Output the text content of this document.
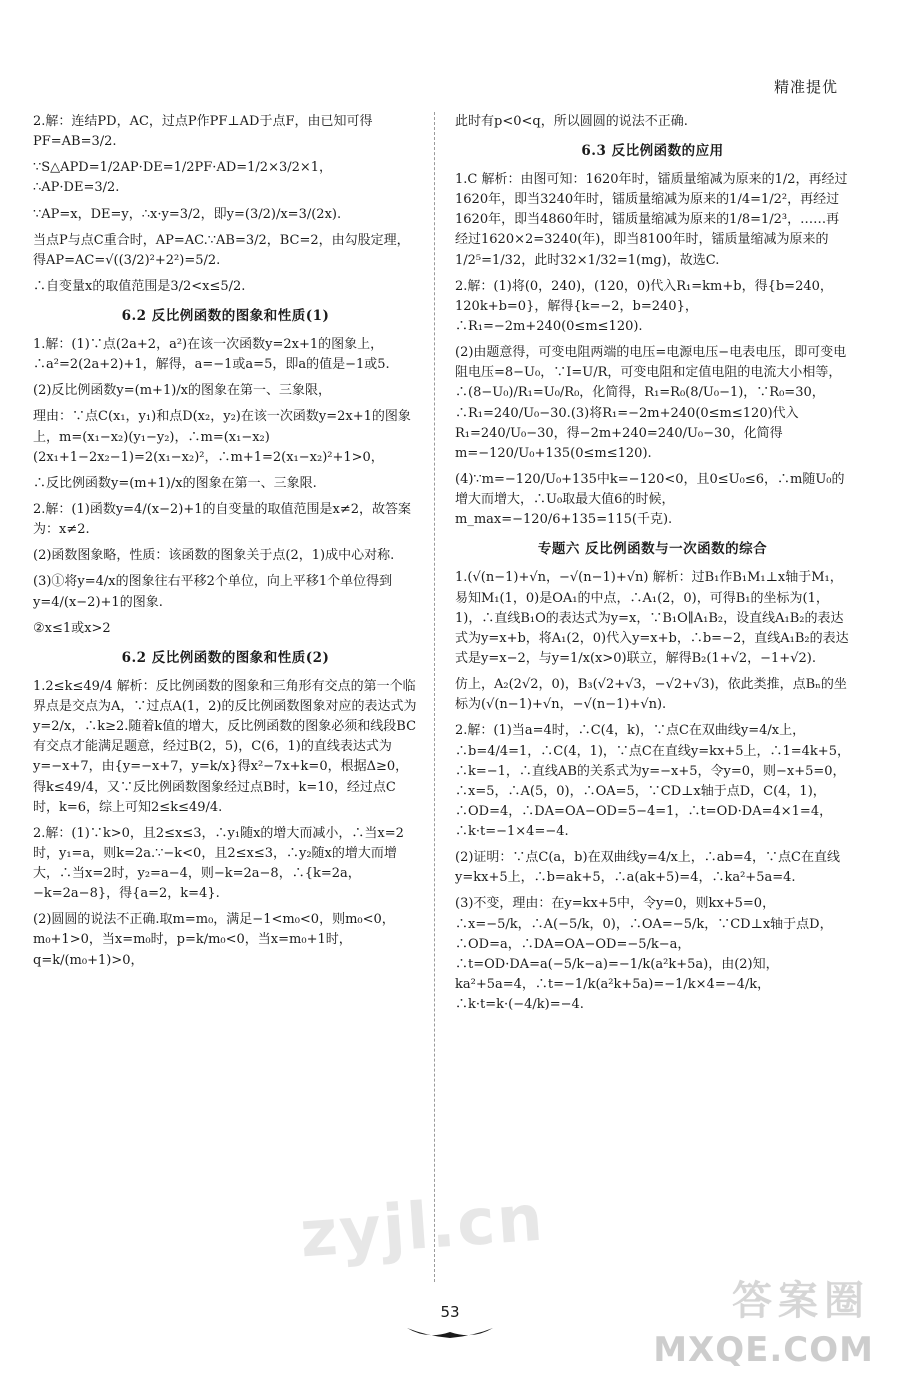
精准提优
2.解：连结PD，AC，过点P作PF⊥AD于点F，由已知可得PF=AB=3/2.
∵S△APD=1/2AP·DE=1/2PF·AD=1/2×3/2×1，∴AP·DE=3/2.
∵AP=x，DE=y，∴x·y=3/2，即y=(3/2)/x=3/(2x).
当点P与点C重合时，AP=AC.∵AB=3/2，BC=2，由勾股定理，得AP=AC=√((3/2)²+2²)=5/2.
∴自变量x的取值范围是3/2<x≤5/2.
6.2 反比例函数的图象和性质(1)
1.解：(1)∵点(2a+2，a²)在该一次函数y=2x+1的图象上，∴a²=2(2a+2)+1，解得，a=−1或a=5，即a的值是−1或5.
(2)反比例函数y=(m+1)/x的图象在第一、三象限，
理由：∵点C(x₁，y₁)和点D(x₂，y₂)在该一次函数y=2x+1的图象上，m=(x₁−x₂)(y₁−y₂)，∴m=(x₁−x₂)(2x₁+1−2x₂−1)=2(x₁−x₂)²，∴m+1=2(x₁−x₂)²+1>0，
∴反比例函数y=(m+1)/x的图象在第一、三象限.
2.解：(1)函数y=4/(x−2)+1的自变量的取值范围是x≠2，故答案为：x≠2.
(2)函数图象略，性质：该函数的图象关于点(2，1)成中心对称.
(3)①将y=4/x的图象往右平移2个单位，向上平移1个单位得到y=4/(x−2)+1的图象.
②x≤1或x>2
6.2 反比例函数的图象和性质(2)
1.2≤k≤49/4 解析：反比例函数的图象和三角形有交点的第一个临界点是交点为A，∵过点A(1，2)的反比例函数图象对应的表达式为y=2/x，∴k≥2.随着k值的增大，反比例函数的图象必须和线段BC有交点才能满足题意，经过B(2，5)，C(6，1)的直线表达式为y=−x+7，由{y=−x+7，y=k/x}得x²−7x+k=0，根据Δ≥0，得k≤49/4，又∵反比例函数图象经过点B时，k=10，经过点C时，k=6，综上可知2≤k≤49/4.
2.解：(1)∵k>0，且2≤x≤3，∴y₁随x的增大而减小，∴当x=2时，y₁=a，则k=2a.∵−k<0，且2≤x≤3，∴y₂随x的增大而增大，∴当x=2时，y₂=a−4，则−k=2a−8，∴{k=2a，−k=2a−8}，得{a=2，k=4}.
(2)圆圆的说法不正确.取m=m₀，满足−1<m₀<0，则m₀<0，m₀+1>0，当x=m₀时，p=k/m₀<0，当x=m₀+1时，q=k/(m₀+1)>0，
此时有p<0<q，所以圆圆的说法不正确.
6.3 反比例函数的应用
1.C 解析：由图可知：1620年时，镭质量缩减为原来的1/2，再经过1620年，即当3240年时，镭质量缩减为原来的1/4=1/2²，再经过1620年，即当4860年时，镭质量缩减为原来的1/8=1/2³，……再经过1620×2=3240(年)，即当8100年时，镭质量缩减为原来的1/2⁵=1/32，此时32×1/32=1(mg)，故选C.
2.解：(1)将(0，240)，(120，0)代入R₁=km+b，得{b=240，120k+b=0}，解得{k=−2，b=240}，∴R₁=−2m+240(0≤m≤120).
(2)由题意得，可变电阻两端的电压=电源电压−电表电压，即可变电阻电压=8−U₀，∵I=U/R，可变电阻和定值电阻的电流大小相等，∴(8−U₀)/R₁=U₀/R₀，化简得，R₁=R₀(8/U₀−1)，∵R₀=30，∴R₁=240/U₀−30.(3)将R₁=−2m+240(0≤m≤120)代入R₁=240/U₀−30，得−2m+240=240/U₀−30，化简得m=−120/U₀+135(0≤m≤120).
(4)∵m=−120/U₀+135中k=−120<0，且0≤U₀≤6，∴m随U₀的增大而增大，∴U₀取最大值6的时候，m_max=−120/6+135=115(千克).
专题六 反比例函数与一次函数的综合
1.(√(n−1)+√n，−√(n−1)+√n) 解析：过B₁作B₁M₁⊥x轴于M₁，易知M₁(1，0)是OA₁的中点，∴A₁(2，0)，可得B₁的坐标为(1，1)，∴直线B₁O的表达式为y=x，∵B₁O∥A₁B₂，设直线A₁B₂的表达式为y=x+b，将A₁(2，0)代入y=x+b，∴b=−2，直线A₁B₂的表达式是y=x−2，与y=1/x(x>0)联立，解得B₂(1+√2，−1+√2).
仿上，A₂(2√2，0)，B₃(√2+√3，−√2+√3)，依此类推，点Bₙ的坐标为(√(n−1)+√n，−√(n−1)+√n).
2.解：(1)当a=4时，∴C(4，k)，∵点C在双曲线y=4/x上，∴b=4/4=1，∴C(4，1)，∵点C在直线y=kx+5上，∴1=4k+5，∴k=−1，∴直线AB的关系式为y=−x+5，令y=0，则−x+5=0，∴x=5，∴A(5，0)，∴OA=5，∵CD⊥x轴于点D，C(4，1)，∴OD=4，∴DA=OA−OD=5−4=1，∴t=OD·DA=4×1=4，∴k·t=−1×4=−4.
(2)证明：∵点C(a，b)在双曲线y=4/x上，∴ab=4，∵点C在直线y=kx+5上，∴b=ak+5，∴a(ak+5)=4，∴ka²+5a=4.
(3)不变，理由：在y=kx+5中，令y=0，则kx+5=0，∴x=−5/k，∴A(−5/k，0)，∴OA=−5/k，∵CD⊥x轴于点D，∴OD=a，∴DA=OA−OD=−5/k−a，∴t=OD·DA=a(−5/k−a)=−1/k(a²k+5a)，由(2)知，ka²+5a=4，∴t=−1/k(a²k+5a)=−1/k×4=−4/k，∴k·t=k·(−4/k)=−4.
zyjl.cn
53	答案圈
MXQE.COM
